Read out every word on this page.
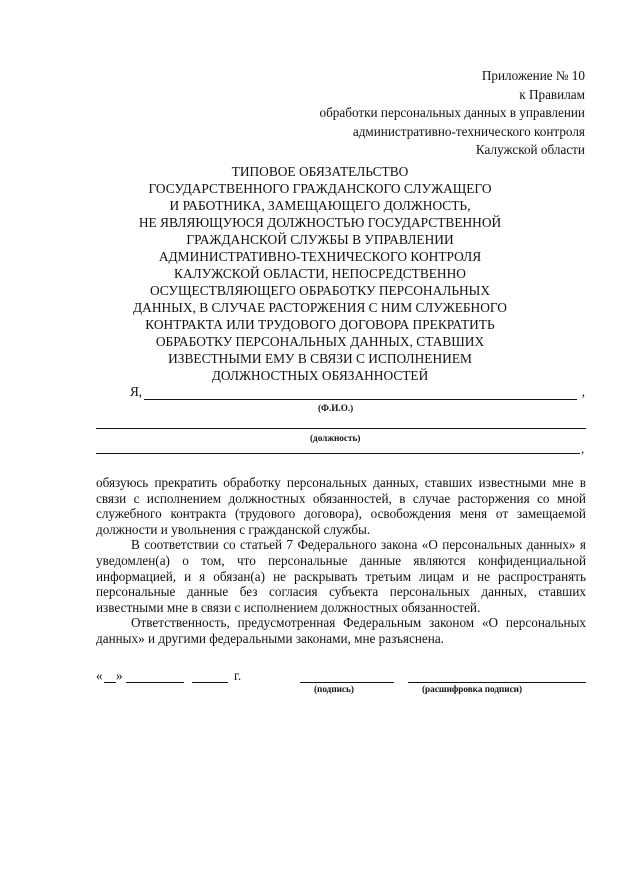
Приложение № 10
к Правилам
обработки персональных данных в управлении
административно-технического контроля
Калужской области
ТИПОВОЕ ОБЯЗАТЕЛЬСТВО
ГОСУДАРСТВЕННОГО ГРАЖДАНСКОГО СЛУЖАЩЕГО
И РАБОТНИКА, ЗАМЕЩАЮЩЕГО ДОЛЖНОСТЬ,
НЕ ЯВЛЯЮЩУЮСЯ ДОЛЖНОСТЬЮ ГОСУДАРСТВЕННОЙ
ГРАЖДАНСКОЙ СЛУЖБЫ В УПРАВЛЕНИИ
АДМИНИСТРАТИВНО-ТЕХНИЧЕСКОГО КОНТРОЛЯ
КАЛУЖСКОЙ ОБЛАСТИ, НЕПОСРЕДСТВЕННО
ОСУЩЕСТВЛЯЮЩЕГО ОБРАБОТКУ ПЕРСОНАЛЬНЫХ
ДАННЫХ, В СЛУЧАЕ РАСТОРЖЕНИЯ С НИМ СЛУЖЕБНОГО
КОНТРАКТА ИЛИ ТРУДОВОГО ДОГОВОРА ПРЕКРАТИТЬ
ОБРАБОТКУ ПЕРСОНАЛЬНЫХ ДАННЫХ, СТАВШИХ
ИЗВЕСТНЫМИ ЕМУ В СВЯЗИ С ИСПОЛНЕНИЕМ
ДОЛЖНОСТНЫХ ОБЯЗАННОСТЕЙ
Я,	,
(Ф.И.О.)
(должность)
,

обязуюсь прекратить обработку персональных данных, ставших известными мне в связи с исполнением должностных обязанностей, в случае расторжения со мной служебного контракта (трудового договора), освобождения меня от замещаемой должности и увольнения с гражданской службы.

В соответствии со статьей 7 Федерального закона «О персональных данных» я уведомлен(а) о том, что персональные данные являются конфиденциальной информацией, и я обязан(а) не раскрывать третьим лицам и не распространять персональные данные без согласия субъекта персональных данных, ставших известными мне в связи с исполнением должностных обязанностей.

Ответственность, предусмотренная Федеральным законом «О персональных данных» и другими федеральными законами, мне разъяснена.

« »	г.
(подпись)	(расшифровка подписи)
